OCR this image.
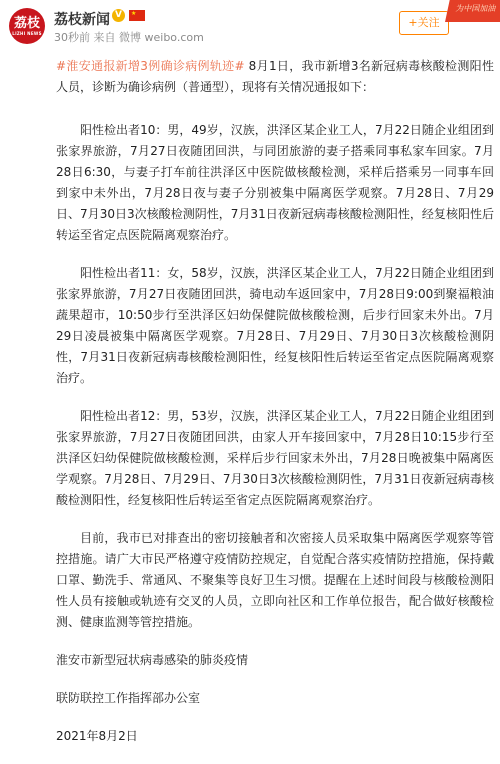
荔枝
LIZHI NEWS
荔枝新闻 V	★
30秒前 来自 微博 weibo.com
+关注
为中国加油

#淮安通报新增3例确诊病例轨迹# 8月1日，我市新增3名新冠病毒核酸检测阳性人员，诊断为确诊病例（普通型），现将有关情况通报如下：

阳性检出者10：男，49岁，汉族，洪泽区某企业工人，7月22日随企业组团到张家界旅游，7月27日夜随团回洪，与同团旅游的妻子搭乘同事私家车回家。7月28日6:30，与妻子打车前往洪泽区中医院做核酸检测，采样后搭乘另一同事车回到家中未外出，7月28日夜与妻子分别被集中隔离医学观察。7月28日、7月29日、7月30日3次核酸检测阴性，7月31日夜新冠病毒核酸检测阳性，经复核阳性后转运至省定点医院隔离观察治疗。

阳性检出者11：女，58岁，汉族，洪泽区某企业工人，7月22日随企业组团到张家界旅游，7月27日夜随团回洪，骑电动车返回家中，7月28日9:00到聚福粮油蔬果超市，10:50步行至洪泽区妇幼保健院做核酸检测，后步行回家未外出。7月29日凌晨被集中隔离医学观察。7月28日、7月29日、7月30日3次核酸检测阴性，7月31日夜新冠病毒核酸检测阳性，经复核阳性后转运至省定点医院隔离观察治疗。

阳性检出者12：男，53岁，汉族，洪泽区某企业工人，7月22日随企业组团到张家界旅游，7月27日夜随团回洪，由家人开车接回家中，7月28日10:15步行至洪泽区妇幼保健院做核酸检测，采样后步行回家未外出，7月28日晚被集中隔离医学观察。7月28日、7月29日、7月30日3次核酸检测阴性，7月31日夜新冠病毒核酸检测阳性，经复核阳性后转运至省定点医院隔离观察治疗。

目前，我市已对排查出的密切接触者和次密接人员采取集中隔离医学观察等管控措施。请广大市民严格遵守疫情防控规定，自觉配合落实疫情防控措施，保持戴口罩、勤洗手、常通风、不聚集等良好卫生习惯。提醒在上述时间段与核酸检测阳性人员有接触或轨迹有交叉的人员，立即向社区和工作单位报告，配合做好核酸检测、健康监测等管控措施。

淮安市新型冠状病毒感染的肺炎疫情

联防联控工作指挥部办公室

2021年8月2日
